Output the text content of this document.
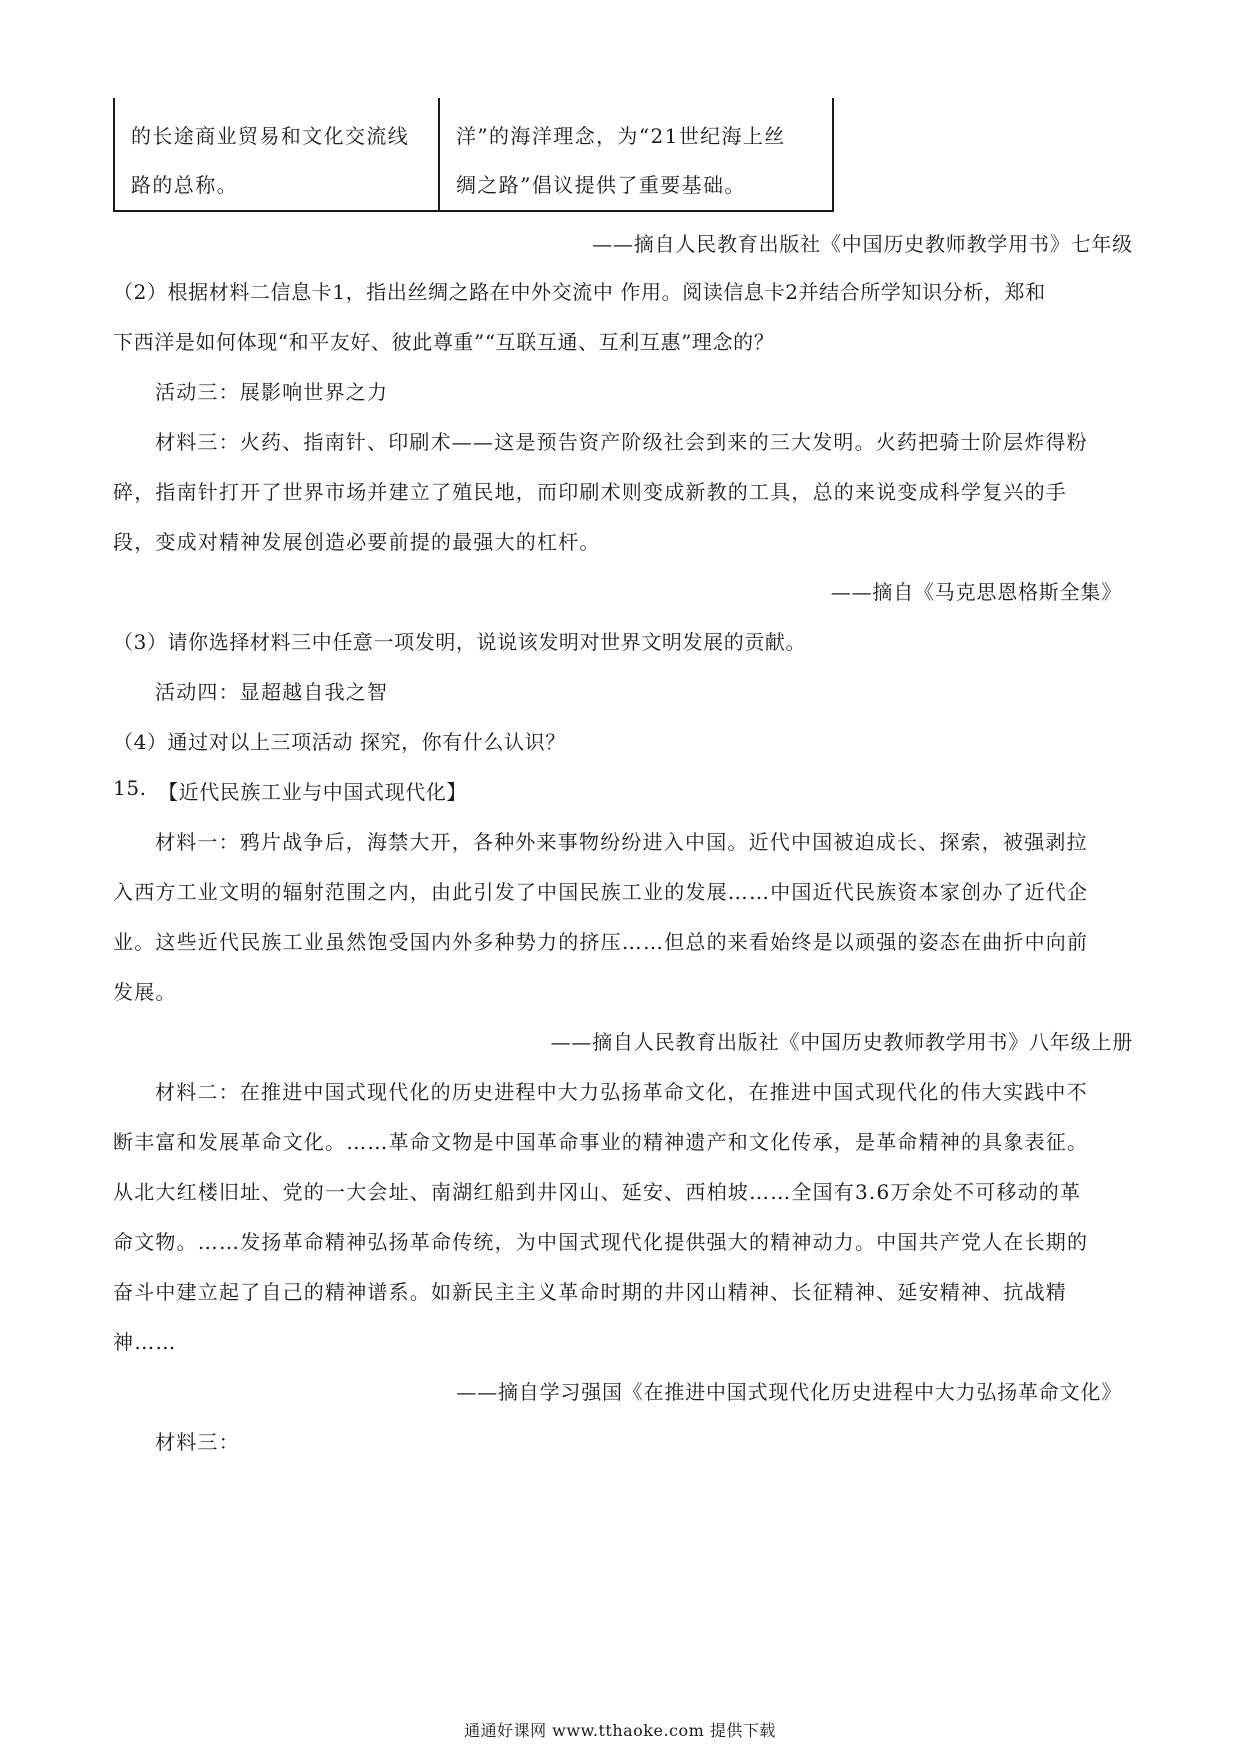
的长途商业贸易和文化交流线
路的总称。

洋”的海洋理念，为“21世纪海上丝
绸之路”倡议提供了重要基础。
——摘自人民教育出版社《中国历史教师教学用书》七年级
（2）根据材料二信息卡1，指出丝绸之路在中外交流中 作用。阅读信息卡2并结合所学知识分析，郑和
下西洋是如何体现“和平友好、彼此尊重”“互联互通、互利互惠”理念的？
活动三：展影响世界之力
材料三：火药、指南针、印刷术——这是预告资产阶级社会到来的三大发明。火药把骑士阶层炸得粉
碎，指南针打开了世界市场并建立了殖民地，而印刷术则变成新教的工具，总的来说变成科学复兴的手
段，变成对精神发展创造必要前提的最强大的杠杆。
——摘自《马克思恩格斯全集》
（3）请你选择材料三中任意一项发明，说说该发明对世界文明发展的贡献。
活动四：显超越自我之智
（4）通过对以上三项活动 探究，你有什么认识？
15. 【近代民族工业与中国式现代化】
材料一：鸦片战争后，海禁大开，各种外来事物纷纷进入中国。近代中国被迫成长、探索，被强剥拉
入西方工业文明的辐射范围之内，由此引发了中国民族工业的发展……中国近代民族资本家创办了近代企
业。这些近代民族工业虽然饱受国内外多种势力的挤压……但总的来看始终是以顽强的姿态在曲折中向前
发展。
——摘自人民教育出版社《中国历史教师教学用书》八年级上册
材料二：在推进中国式现代化的历史进程中大力弘扬革命文化，在推进中国式现代化的伟大实践中不
断丰富和发展革命文化。……革命文物是中国革命事业的精神遗产和文化传承，是革命精神的具象表征。
从北大红楼旧址、党的一大会址、南湖红船到井冈山、延安、西柏坡……全国有3.6万余处不可移动的革
命文物。……发扬革命精神弘扬革命传统，为中国式现代化提供强大的精神动力。中国共产党人在长期的
奋斗中建立起了自己的精神谱系。如新民主主义革命时期的井冈山精神、长征精神、延安精神、抗战精
神……
——摘自学习强国《在推进中国式现代化历史进程中大力弘扬革命文化》
材料三：
通通好课网 www.tthaoke.com 提供下载
